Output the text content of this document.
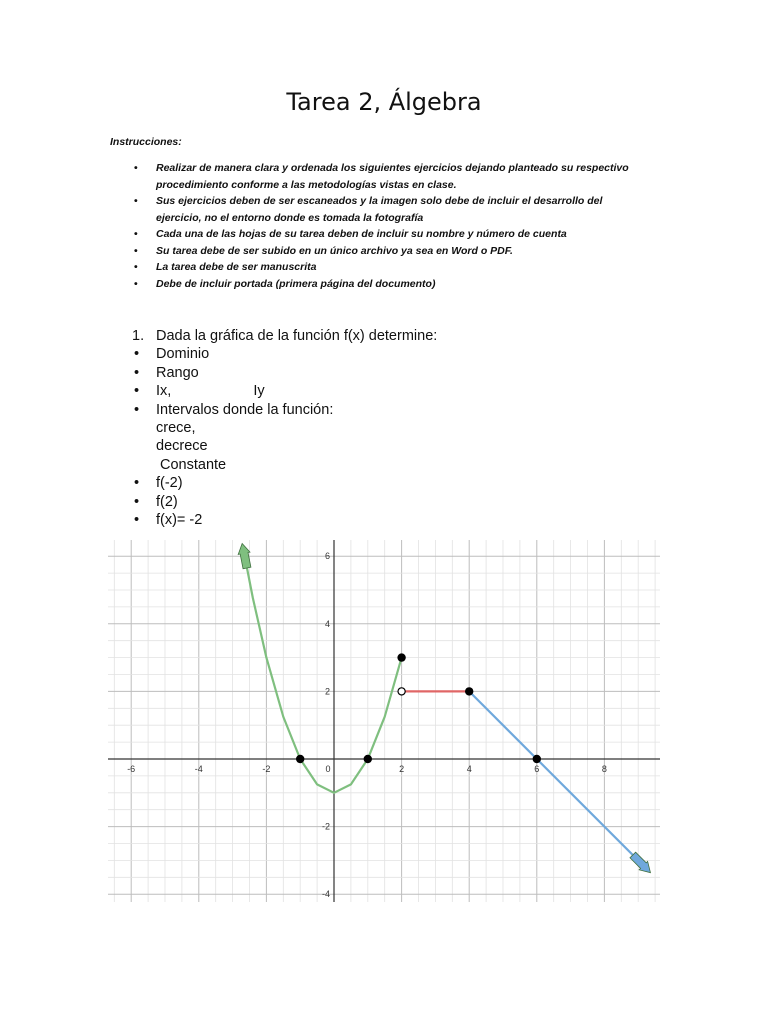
Tarea 2, Álgebra
Instrucciones:
• Realizar de manera clara y ordenada los siguientes ejercicios dejando planteado su respectivo procedimiento conforme a las metodologías vistas en clase.
• Sus ejercicios deben de ser escaneados y la imagen solo debe de incluir el desarrollo del ejercicio, no el entorno donde es tomada la fotografía
• Cada una de las hojas de su tarea deben de incluir su nombre y número de cuenta
• Su tarea debe de ser subido en un único archivo ya sea en Word o PDF.
• La tarea debe de ser manuscrita
• Debe de incluir portada (primera página del documento)
1. Dada la gráfica de la función f(x) determine:
• Dominio
• Rango
• Ix,	Iy
• Intervalos donde la función:
crece,
decrece
Constante
• f(-2)
• f(2)
• f(x)= -2
-6	-4	-2	0	2	4	6	8
-4
-2
2
4
6
